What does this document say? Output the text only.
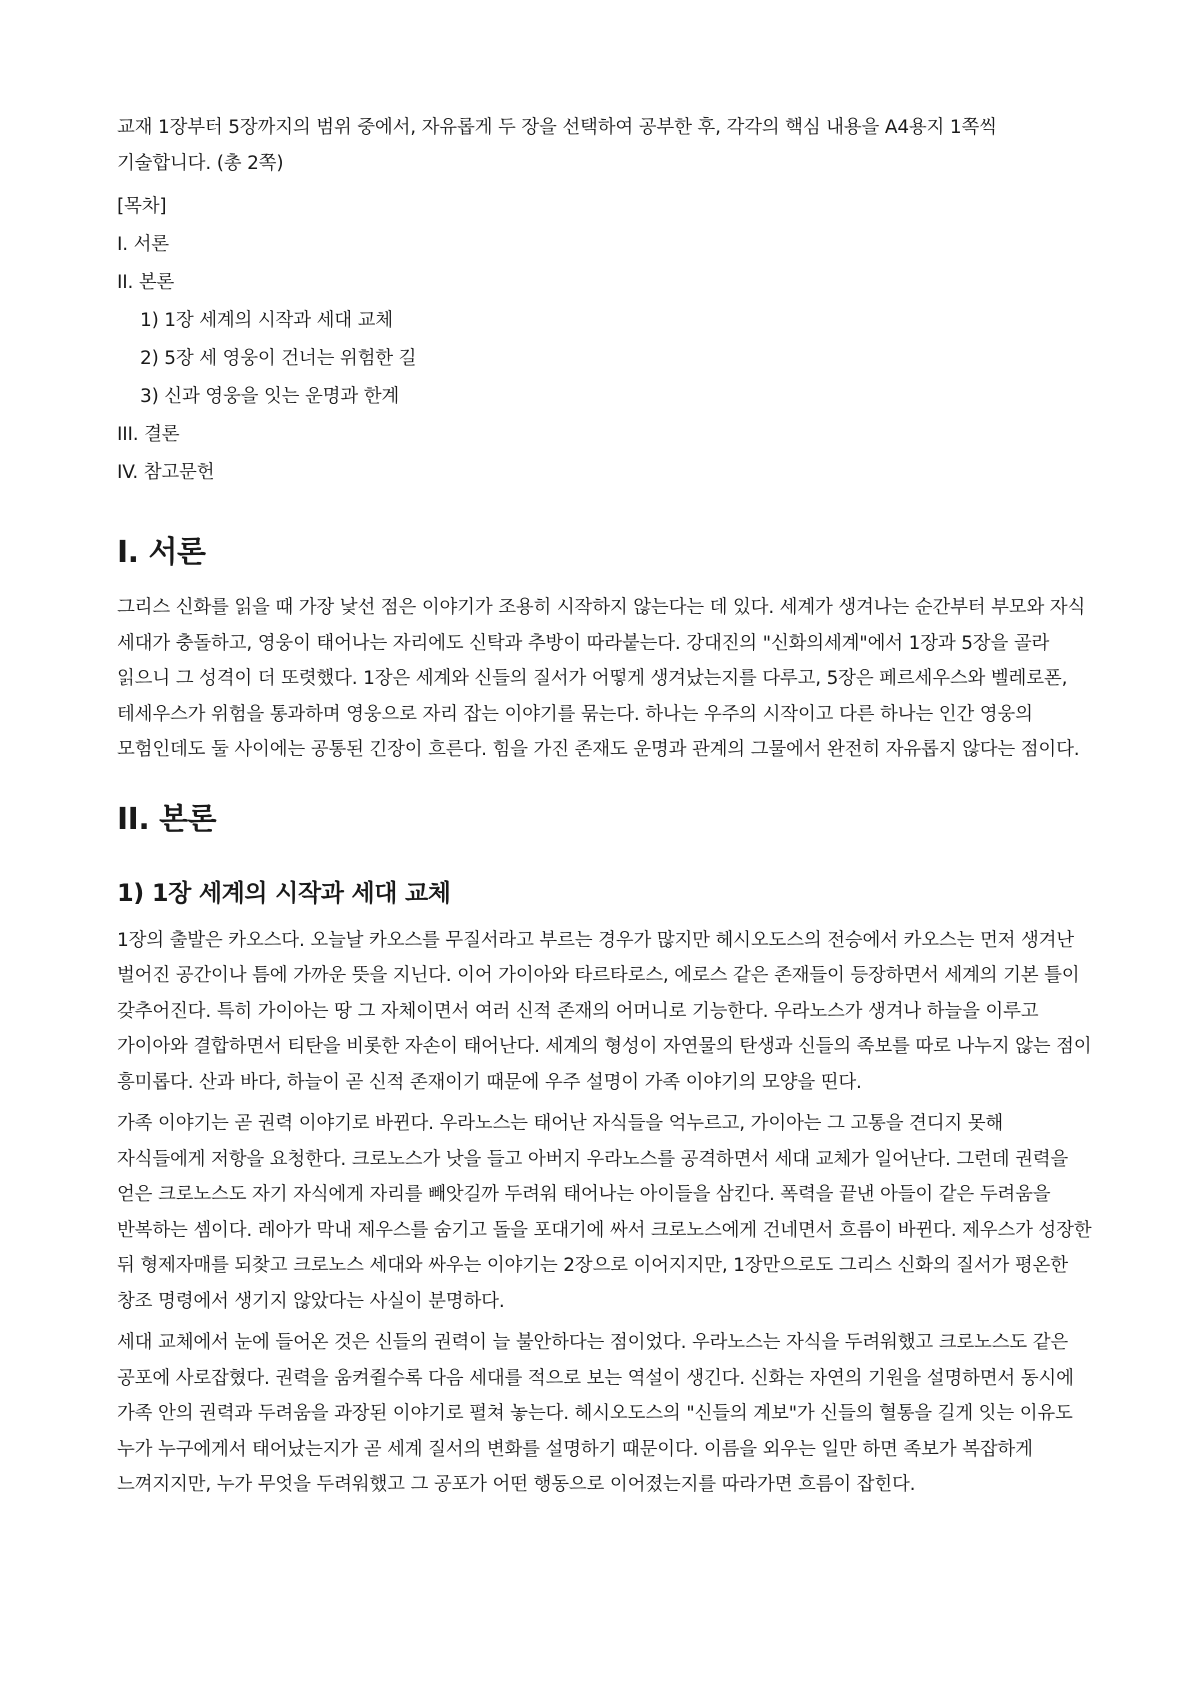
교재 1장부터 5장까지의 범위 중에서, 자유롭게 두 장을 선택하여 공부한 후, 각각의 핵심 내용을 A4용지 1쪽씩 기술합니다. (총 2쪽)

[목차]
I. 서론
II. 본론
1) 1장 세계의 시작과 세대 교체
2) 5장 세 영웅이 건너는 위험한 길
3) 신과 영웅을 잇는 운명과 한계
III. 결론
IV. 참고문헌
I. 서론

그리스 신화를 읽을 때 가장 낯선 점은 이야기가 조용히 시작하지 않는다는 데 있다. 세계가 생겨나는 순간부터 부모와 자식 세대가 충돌하고, 영웅이 태어나는 자리에도 신탁과 추방이 따라붙는다. 강대진의 "신화의세계"에서 1장과 5장을 골라 읽으니 그 성격이 더 또렷했다. 1장은 세계와 신들의 질서가 어떻게 생겨났는지를 다루고, 5장은 페르세우스와 벨레로폰, 테세우스가 위험을 통과하며 영웅으로 자리 잡는 이야기를 묶는다. 하나는 우주의 시작이고 다른 하나는 인간 영웅의 모험인데도 둘 사이에는 공통된 긴장이 흐른다. 힘을 가진 존재도 운명과 관계의 그물에서 완전히 자유롭지 않다는 점이다.

II. 본론
1) 1장 세계의 시작과 세대 교체

1장의 출발은 카오스다. 오늘날 카오스를 무질서라고 부르는 경우가 많지만 헤시오도스의 전승에서 카오스는 먼저 생겨난 벌어진 공간이나 틈에 가까운 뜻을 지닌다. 이어 가이아와 타르타로스, 에로스 같은 존재들이 등장하면서 세계의 기본 틀이 갖추어진다. 특히 가이아는 땅 그 자체이면서 여러 신적 존재의 어머니로 기능한다. 우라노스가 생겨나 하늘을 이루고 가이아와 결합하면서 티탄을 비롯한 자손이 태어난다. 세계의 형성이 자연물의 탄생과 신들의 족보를 따로 나누지 않는 점이 흥미롭다. 산과 바다, 하늘이 곧 신적 존재이기 때문에 우주 설명이 가족 이야기의 모양을 띤다.

가족 이야기는 곧 권력 이야기로 바뀐다. 우라노스는 태어난 자식들을 억누르고, 가이아는 그 고통을 견디지 못해 자식들에게 저항을 요청한다. 크로노스가 낫을 들고 아버지 우라노스를 공격하면서 세대 교체가 일어난다. 그런데 권력을 얻은 크로노스도 자기 자식에게 자리를 빼앗길까 두려워 태어나는 아이들을 삼킨다. 폭력을 끝낸 아들이 같은 두려움을 반복하는 셈이다. 레아가 막내 제우스를 숨기고 돌을 포대기에 싸서 크로노스에게 건네면서 흐름이 바뀐다. 제우스가 성장한 뒤 형제자매를 되찾고 크로노스 세대와 싸우는 이야기는 2장으로 이어지지만, 1장만으로도 그리스 신화의 질서가 평온한 창조 명령에서 생기지 않았다는 사실이 분명하다.

세대 교체에서 눈에 들어온 것은 신들의 권력이 늘 불안하다는 점이었다. 우라노스는 자식을 두려워했고 크로노스도 같은 공포에 사로잡혔다. 권력을 움켜쥘수록 다음 세대를 적으로 보는 역설이 생긴다. 신화는 자연의 기원을 설명하면서 동시에 가족 안의 권력과 두려움을 과장된 이야기로 펼쳐 놓는다. 헤시오도스의 "신들의 계보"가 신들의 혈통을 길게 잇는 이유도 누가 누구에게서 태어났는지가 곧 세계 질서의 변화를 설명하기 때문이다. 이름을 외우는 일만 하면 족보가 복잡하게 느껴지지만, 누가 무엇을 두려워했고 그 공포가 어떤 행동으로 이어졌는지를 따라가면 흐름이 잡힌다.
